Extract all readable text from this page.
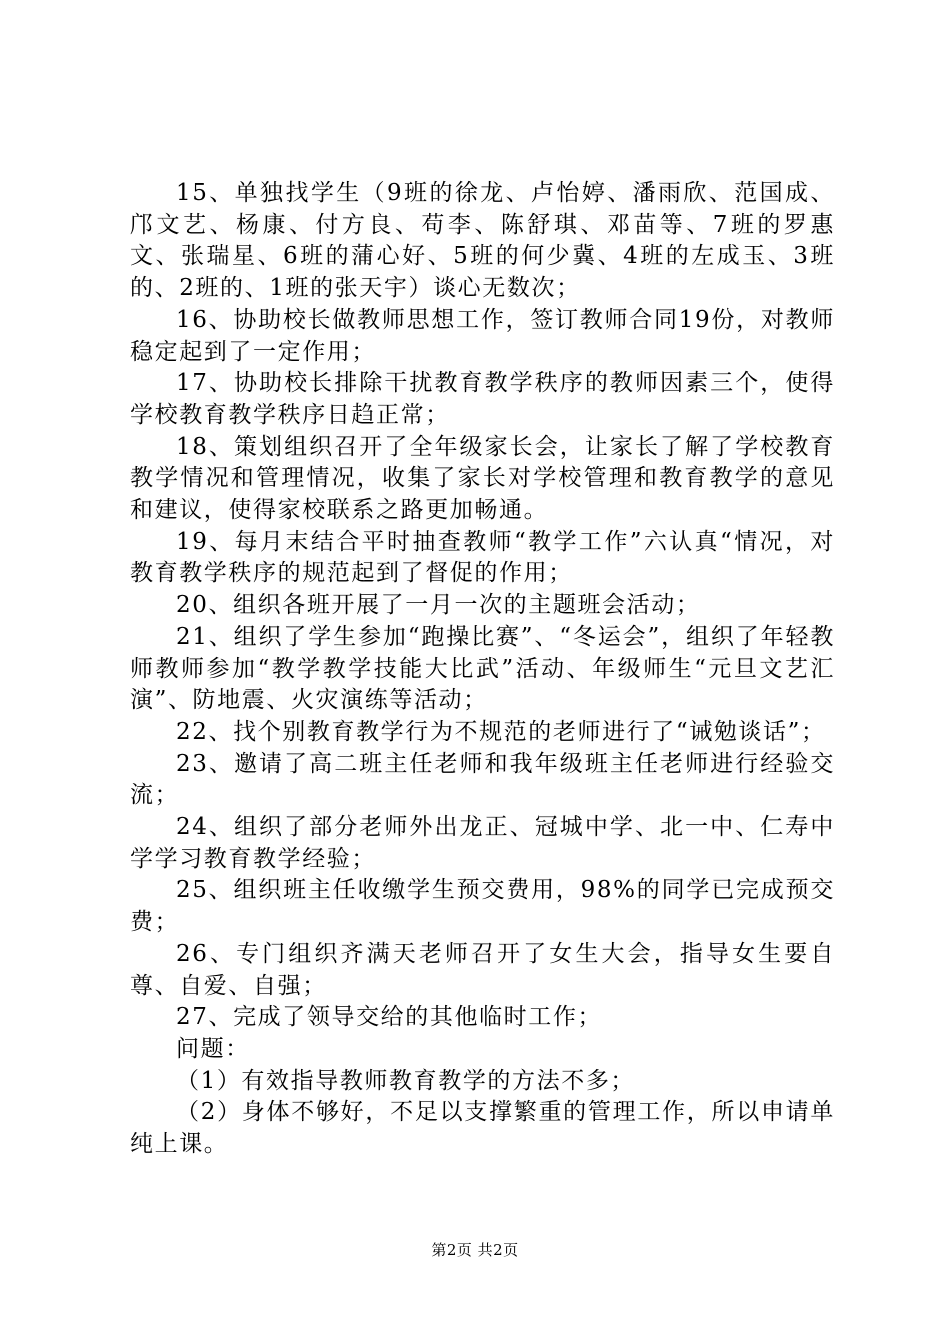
15、单独找学生（9班的徐龙、卢怡婷、潘雨欣、范国成、邝文艺、杨康、付方良、苟李、陈舒琪、邓苗等、7班的罗惠文、张瑞星、6班的蒲心好、5班的何少冀、4班的左成玉、3班的、2班的、1班的张天宇）谈心无数次；

16、协助校长做教师思想工作，签订教师合同19份，对教师稳定起到了一定作用；

17、协助校长排除干扰教育教学秩序的教师因素三个，使得学校教育教学秩序日趋正常；

18、策划组织召开了全年级家长会，让家长了解了学校教育教学情况和管理情况，收集了家长对学校管理和教育教学的意见和建议，使得家校联系之路更加畅通。

19、每月末结合平时抽查教师“教学工作”六认真“情况，对教育教学秩序的规范起到了督促的作用；

20、组织各班开展了一月一次的主题班会活动；

21、组织了学生参加“跑操比赛”、“冬运会”，组织了年轻教师教师参加“教学教学技能大比武”活动、年级师生“元旦文艺汇演”、防地震、火灾演练等活动；

22、找个别教育教学行为不规范的老师进行了“诫勉谈话”；

23、邀请了高二班主任老师和我年级班主任老师进行经验交流；

24、组织了部分老师外出龙正、冠城中学、北一中、仁寿中学学习教育教学经验；

25、组织班主任收缴学生预交费用，98%的同学已完成预交费；

26、专门组织齐满天老师召开了女生大会，指导女生要自尊、自爱、自强；

27、完成了领导交给的其他临时工作；

问题：

（1）有效指导教师教育教学的方法不多；

（2）身体不够好，不足以支撑繁重的管理工作，所以申请单纯上课。

第2页 共2页
